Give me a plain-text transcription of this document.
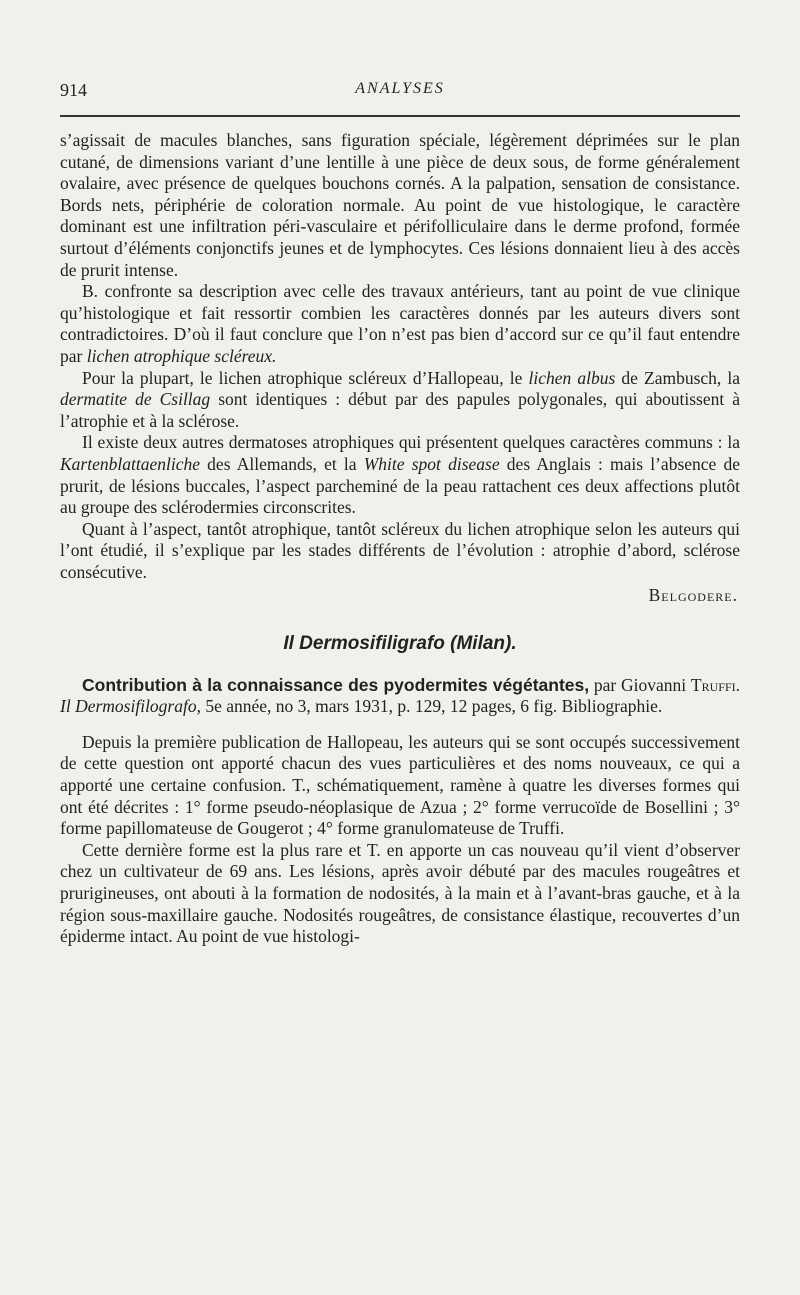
914	ANALYSES

s’agissait de macules blanches, sans figuration spéciale, légèrement déprimées sur le plan cutané, de dimensions variant d’une lentille à une pièce de deux sous, de forme généralement ovalaire, avec présence de quelques bouchons cornés. A la palpation, sensation de consistance. Bords nets, périphérie de coloration normale. Au point de vue histologique, le caractère dominant est une infiltration péri-vasculaire et périfolliculaire dans le derme profond, formée surtout d’éléments conjonctifs jeunes et de lymphocytes. Ces lésions donnaient lieu à des accès de prurit intense.

B. confronte sa description avec celle des travaux antérieurs, tant au point de vue clinique qu’histologique et fait ressortir combien les caractères donnés par les auteurs divers sont contradictoires. D’où il faut conclure que l’on n’est pas bien d’accord sur ce qu’il faut entendre par lichen atrophique scléreux.

Pour la plupart, le lichen atrophique scléreux d’Hallopeau, le lichen albus de Zambusch, la dermatite de Csillag sont identiques : début par des papules polygonales, qui aboutissent à l’atrophie et à la sclérose.

Il existe deux autres dermatoses atrophiques qui présentent quelques caractères communs : la Kartenblattaenliche des Allemands, et la White spot disease des Anglais : mais l’absence de prurit, de lésions buccales, l’aspect parcheminé de la peau rattachent ces deux affections plutôt au groupe des sclérodermies circonscrites.

Quant à l’aspect, tantôt atrophique, tantôt scléreux du lichen atrophique selon les auteurs qui l’ont étudié, il s’explique par les stades différents de l’évolution : atrophie d’abord, sclérose consécutive.

Belgodere.
Il Dermosifiligrafo (Milan).

Contribution à la connaissance des pyodermites végétantes, par Giovanni Truffi. Il Dermosifilografo, 5e année, no 3, mars 1931, p. 129, 12 pages, 6 fig. Bibliographie.

Depuis la première publication de Hallopeau, les auteurs qui se sont occupés successivement de cette question ont apporté chacun des vues particulières et des noms nouveaux, ce qui a apporté une certaine confusion. T., schématiquement, ramène à quatre les diverses formes qui ont été décrites : 1° forme pseudo-néoplasique de Azua ; 2° forme verrucoïde de Bosellini ; 3° forme papillomateuse de Gougerot ; 4° forme granulomateuse de Truffi.

Cette dernière forme est la plus rare et T. en apporte un cas nouveau qu’il vient d’observer chez un cultivateur de 69 ans. Les lésions, après avoir débuté par des macules rougeâtres et prurigineuses, ont abouti à la formation de nodosités, à la main et à l’avant-bras gauche, et à la région sous-maxillaire gauche. Nodosités rougeâtres, de consistance élastique, recouvertes d’un épiderme intact. Au point de vue histologi-
